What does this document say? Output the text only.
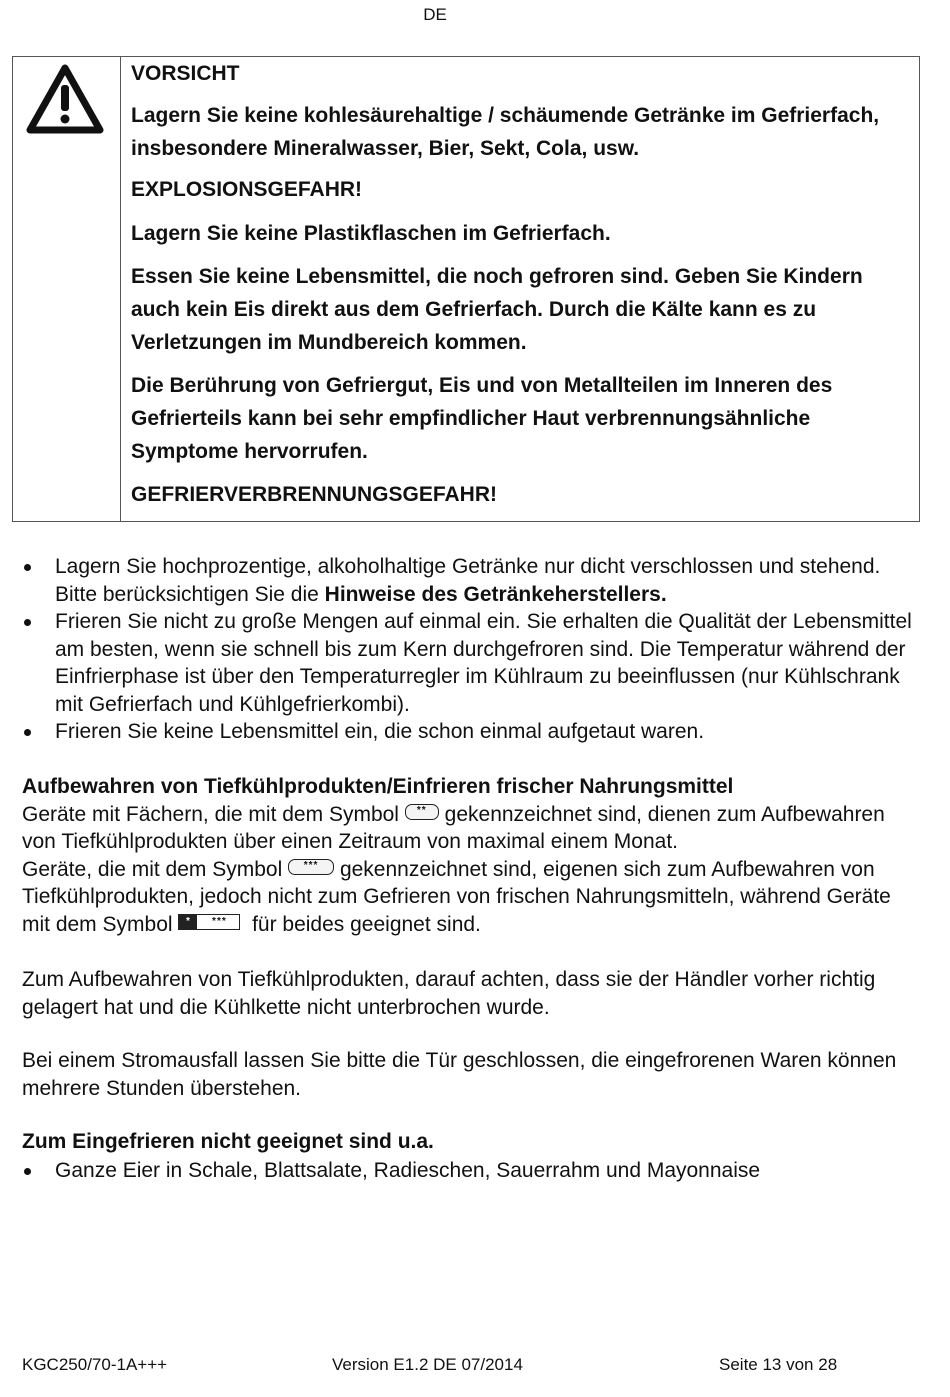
DE

VORSICHT

Lagern Sie keine kohlesäurehaltige / schäumende Getränke im Gefrierfach, insbesondere Mineralwasser, Bier, Sekt, Cola, usw.

EXPLOSIONSGEFAHR!

Lagern Sie keine Plastikflaschen im Gefrierfach.

Essen Sie keine Lebensmittel, die noch gefroren sind. Geben Sie Kindern auch kein Eis direkt aus dem Gefrierfach. Durch die Kälte kann es zu Verletzungen im Mundbereich kommen.

Die Berührung von Gefriergut, Eis und von Metallteilen im Inneren des Gefrierteils kann bei sehr empfindlicher Haut verbrennungsähnliche Symptome hervorrufen.

GEFRIERVERBRENNUNGSGEFAHR!

Lagern Sie hochprozentige, alkoholhaltige Getränke nur dicht verschlossen und stehend. Bitte berücksichtigen Sie die Hinweise des Getränkeherstellers.
Frieren Sie nicht zu große Mengen auf einmal ein. Sie erhalten die Qualität der Lebensmittel am besten, wenn sie schnell bis zum Kern durchgefroren sind. Die Temperatur während der Einfrierphase ist über den Temperaturregler im Kühlraum zu beeinflussen (nur Kühlschrank mit Gefrierfach und Kühlgefrierkombi).
Frieren Sie keine Lebensmittel ein, die schon einmal aufgetaut waren.

Aufbewahren von Tiefkühlprodukten/Einfrieren frischer Nahrungsmittel

Geräte mit Fächern, die mit dem Symbol ** gekennzeichnet sind, dienen zum Aufbewahren von Tiefkühlprodukten über einen Zeitraum von maximal einem Monat.

Geräte, die mit dem Symbol *** gekennzeichnet sind, eigenen sich zum Aufbewahren von Tiefkühlprodukten, jedoch nicht zum Gefrieren von frischen Nahrungsmitteln, während Geräte mit dem Symbol	*	***	für beides geeignet sind.

Zum Aufbewahren von Tiefkühlprodukten, darauf achten, dass sie der Händler vorher richtig gelagert hat und die Kühlkette nicht unterbrochen wurde.
Bei einem Stromausfall lassen Sie bitte die Tür geschlossen, die eingefrorenen Waren können mehrere Stunden überstehen.

Zum Eingefrieren nicht geeignet sind u.a.

Ganze Eier in Schale, Blattsalate, Radieschen, Sauerrahm und Mayonnaise
KGC250/70-1A+++	Version E1.2 DE 07/2014	Seite 13 von 28
